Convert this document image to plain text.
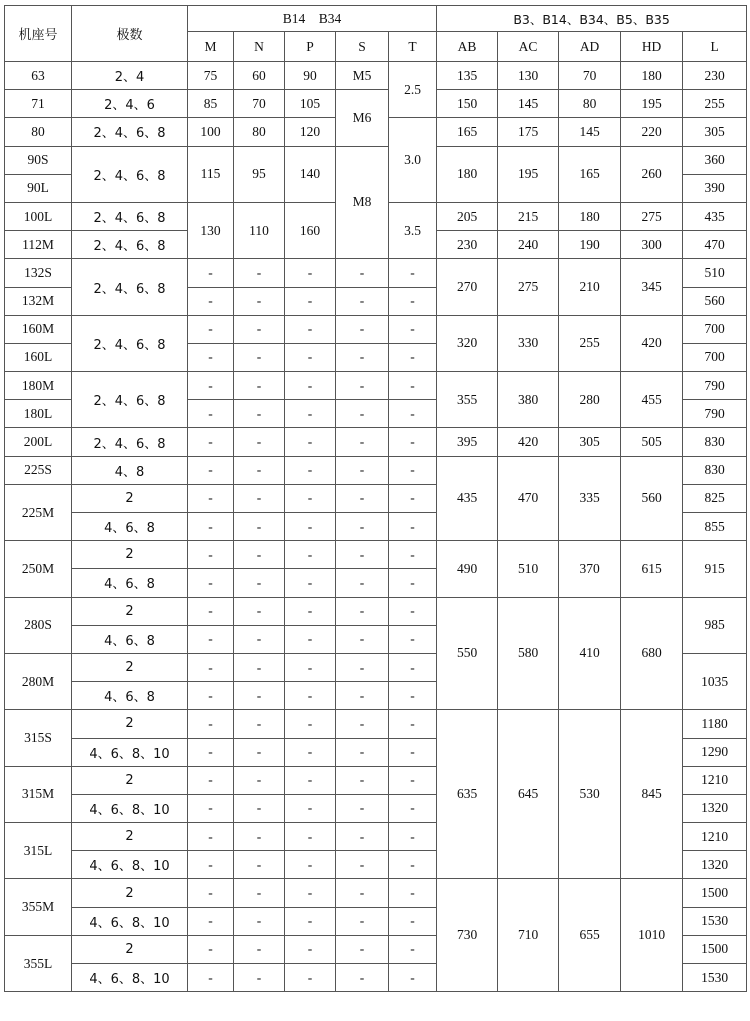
机座号	极数	B14    B34					B3、B14、B34、B5、B35				
		M	N	P	S	T	AB	AC	AD	HD	L
63	2、4	75	60	90	M5	2.5	135	130	70	180	230
71	2、4、6	85	70	105	M6		150	145	80	195	255
80	2、4、6、8	100	80	120		3.0	165	175	145	220	305
90S	2、4、6、8	115	95	140	M8		180	195	165	260	360
90L											390
100L	2、4、6、8	130	110	160		3.5	205	215	180	275	435
112M	2、4、6、8						230	240	190	300	470
132S	2、4、6、8	-	-	-	-	-	270	275	210	345	510
132M		-	-	-	-	-					560
160M	2、4、6、8	-	-	-	-	-	320	330	255	420	700
160L		-	-	-	-	-					700
180M	2、4、6、8	-	-	-	-	-	355	380	280	455	790
180L		-	-	-	-	-					790
200L	2、4、6、8	-	-	-	-	-	395	420	305	505	830
225S	4、8	-	-	-	-	-	435	470	335	560	830
225M	2	-	-	-	-	-					825
	4、6、8	-	-	-	-	-					855
250M	2	-	-	-	-	-	490	510	370	615	915
	4、6、8	-	-	-	-	-					
280S	2	-	-	-	-	-	550	580	410	680	985
	4、6、8	-	-	-	-	-					
280M	2	-	-	-	-	-					1035
	4、6、8	-	-	-	-	-					
315S	2	-	-	-	-	-	635	645	530	845	1180
	4、6、8、10	-	-	-	-	-					1290
315M	2	-	-	-	-	-					1210
	4、6、8、10	-	-	-	-	-					1320
315L	2	-	-	-	-	-					1210
	4、6、8、10	-	-	-	-	-					1320
355M	2	-	-	-	-	-	730	710	655	1010	1500
	4、6、8、10	-	-	-	-	-					1530
355L	2	-	-	-	-	-					1500
	4、6、8、10	-	-	-	-	-					1530
